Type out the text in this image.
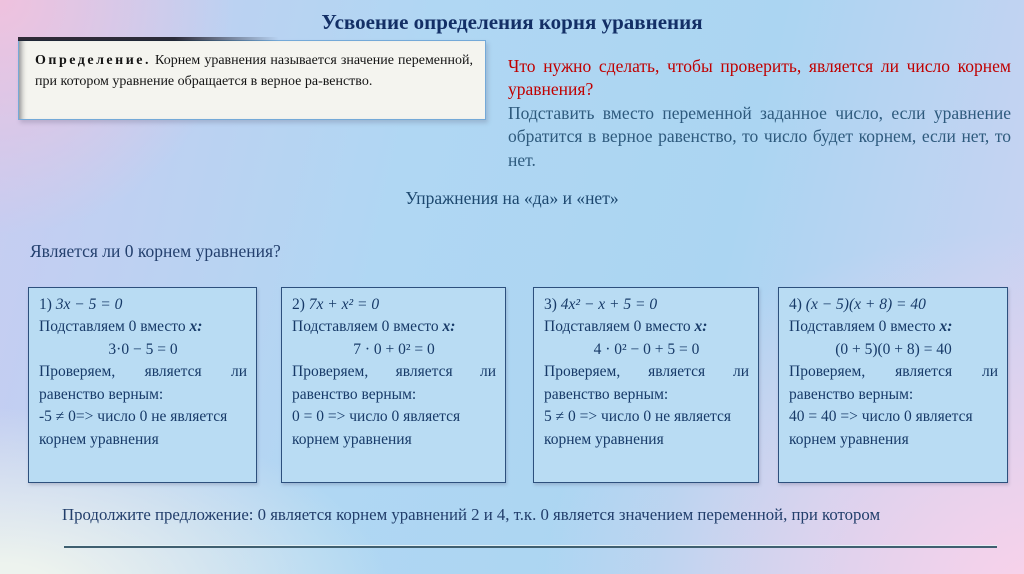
Усвоение определения корня уравнения

Определение. Корнем уравнения называется значение переменной, при котором уравнение обращается в верное ра-венство.

Что нужно сделать, чтобы проверить, является ли число корнем уравнения?

Подставить вместо переменной заданное число, если уравнение обратится в верное равенство, то число будет корнем, если нет, то нет.

Упражнения на «да» и «нет»

Является ли 0 корнем уравнения?

1) 3x − 5 = 0

Подставляем 0 вместо x:

3·0 − 5 = 0

Проверяем, является ли равенство верным:

-5 ≠ 0=> число 0 не является корнем уравнения

2) 7x + x² = 0

Подставляем 0 вместо x:

7 · 0 + 0² = 0

Проверяем, является ли равенство верным:

0 = 0 => число 0 является корнем уравнения

3) 4x² − x + 5 = 0

Подставляем 0 вместо x:

4 · 0² − 0 + 5 = 0

Проверяем, является ли равенство верным:

5 ≠ 0 => число 0 не является корнем уравнения

4) (x − 5)(x + 8) = 40

Подставляем 0 вместо x:

(0 + 5)(0 + 8) = 40

Проверяем, является ли равенство верным:

40 = 40 => число 0 является корнем уравнения

Продолжите предложение: 0 является корнем уравнений 2 и 4, т.к. 0 является значением переменной, при котором
